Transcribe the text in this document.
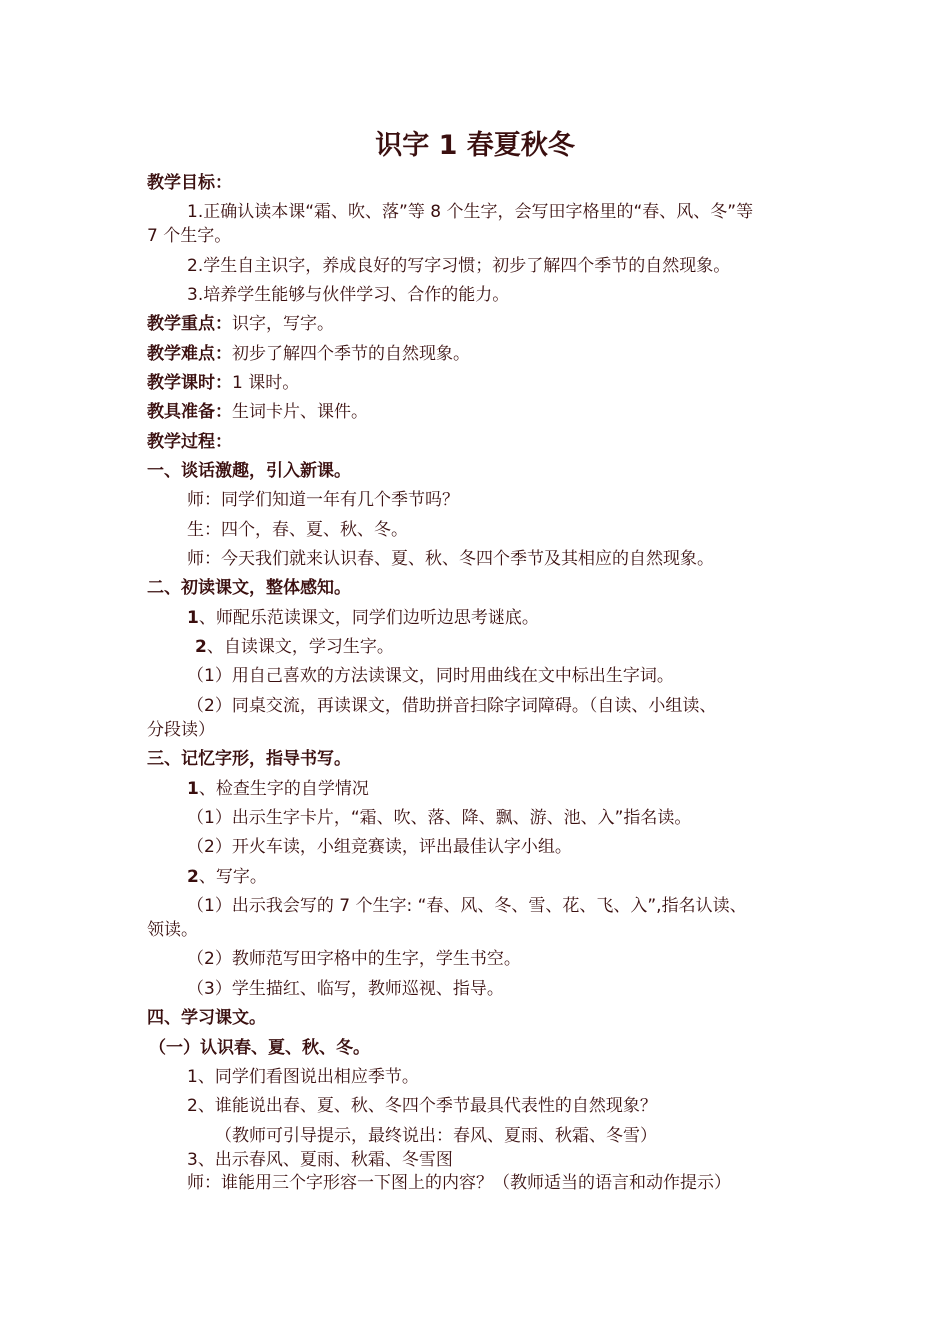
识字 1 春夏秋冬
教学目标：
1.正确认读本课“霜、吹、落”等 8 个生字，会写田字格里的“春、风、冬”等
7 个生字。
2.学生自主识字，养成良好的写字习惯；初步了解四个季节的自然现象。
3.培养学生能够与伙伴学习、合作的能力。
教学重点：识字，写字。
教学难点：初步了解四个季节的自然现象。
教学课时：1 课时。
教具准备：生词卡片、课件。
教学过程：
一、谈话激趣，引入新课。
师：同学们知道一年有几个季节吗？
生：四个，春、夏、秋、冬。
师：今天我们就来认识春、夏、秋、冬四个季节及其相应的自然现象。
二、初读课文，整体感知。
1、师配乐范读课文，同学们边听边思考谜底。
2、自读课文，学习生字。
（1）用自己喜欢的方法读课文，同时用曲线在文中标出生字词。
（2）同桌交流，再读课文，借助拼音扫除字词障碍。（自读、小组读、
分段读）
三、记忆字形，指导书写。
1、检查生字的自学情况
（1）出示生字卡片，“霜、吹、落、降、飘、游、池、入”指名读。
（2）开火车读，小组竞赛读，评出最佳认字小组。
2、写字。
（1）出示我会写的 7 个生字: “春、风、冬、雪、花、飞、入”,指名认读、
领读。
（2）教师范写田字格中的生字，学生书空。
（3）学生描红、临写，教师巡视、指导。
四、学习课文。
（一）认识春、夏、秋、冬。
1、同学们看图说出相应季节。
2、谁能说出春、夏、秋、冬四个季节最具代表性的自然现象？
（教师可引导提示，最终说出：春风、夏雨、秋霜、冬雪）
3、出示春风、夏雨、秋霜、冬雪图
师：谁能用三个字形容一下图上的内容？（教师适当的语言和动作提示）
